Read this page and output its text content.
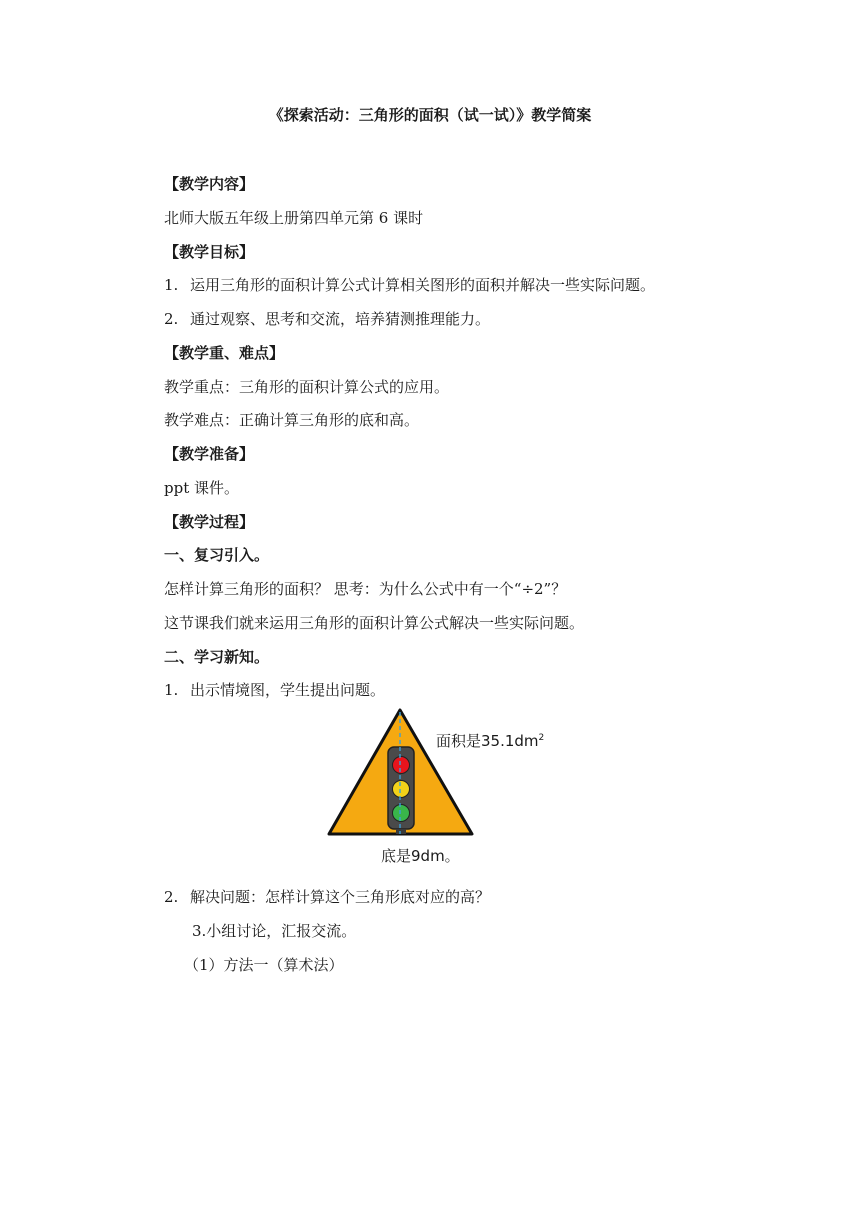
《探索活动：三角形的面积（试一试）》教学简案
【教学内容】
北师大版五年级上册第四单元第 6 课时
【教学目标】
1. 运用三角形的面积计算公式计算相关图形的面积并解决一些实际问题。
2. 通过观察、思考和交流，培养猜测推理能力。
【教学重、难点】
教学重点：三角形的面积计算公式的应用。
教学难点：正确计算三角形的底和高。
【教学准备】
ppt 课件。
【教学过程】
一、复习引入。
怎样计算三角形的面积？ 思考：为什么公式中有一个“÷2”？
这节课我们就来运用三角形的面积计算公式解决一些实际问题。
二、学习新知。
1. 出示情境图，学生提出问题。
面积是$35.1dm^2$
底是9dm。
2. 解决问题：怎样计算这个三角形底对应的高？
3.小组讨论，汇报交流。
（1）方法一（算术法）
